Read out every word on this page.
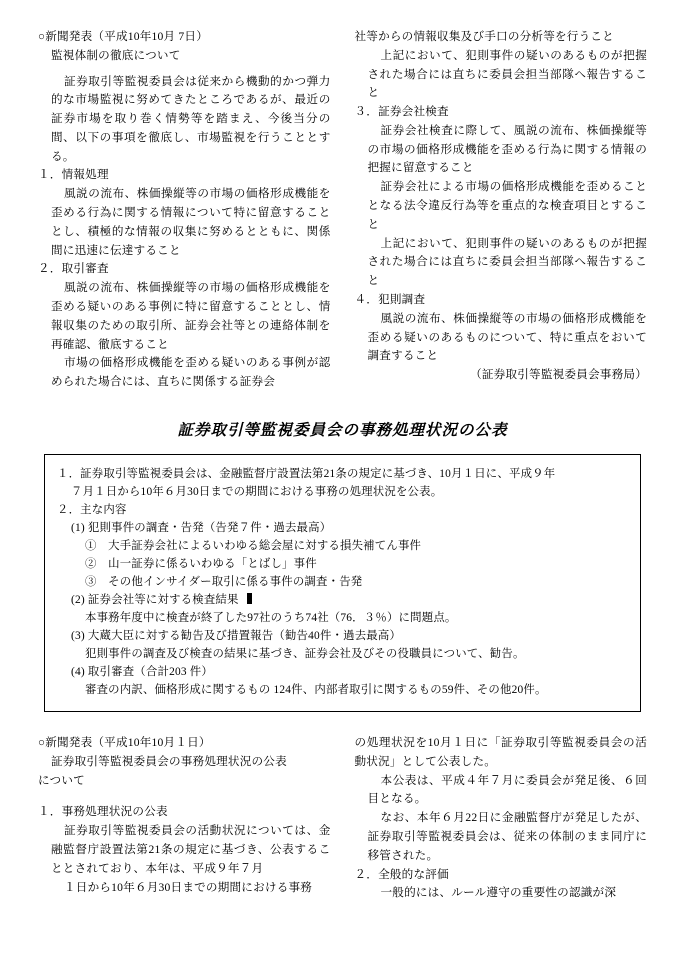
○新聞発表（平成10年10月 7日）

監視体制の徹底について

証券取引等監視委員会は従来から機動的かつ弾力的な市場監視に努めてきたところであるが、最近の証券市場を取り巻く情勢等を踏まえ、今後当分の間、以下の事項を徹底し、市場監視を行うこととする。

１．情報処理

風説の流布、株価操縦等の市場の価格形成機能を歪める行為に関する情報について特に留意することとし、積極的な情報の収集に努めるとともに、関係間に迅速に伝達すること

２．取引審査

風説の流布、株価操縦等の市場の価格形成機能を歪める疑いのある事例に特に留意することとし、情報収集のための取引所、証券会社等との連絡体制を再確認、徹底すること

市場の価格形成機能を歪める疑いのある事例が認められた場合には、直ちに関係する証券会

社等からの情報収集及び手口の分析等を行うこと

上記において、犯則事件の疑いのあるものが把握された場合には直ちに委員会担当部隊へ報告すること

３．証券会社検査

証券会社検査に際して、風説の流布、株価操縦等の市場の価格形成機能を歪める行為に関する情報の把握に留意すること

証券会社による市場の価格形成機能を歪めることとなる法令違反行為等を重点的な検査項目とすること

上記において、犯則事件の疑いのあるものが把握された場合には直ちに委員会担当部隊へ報告すること

４．犯則調査

風説の流布、株価操縦等の市場の価格形成機能を歪める疑いのあるものについて、特に重点をおいて調査すること

（証券取引等監視委員会事務局）

証券取引等監視委員会の事務処理状況の公表

１．証券取引等監視委員会は、金融監督庁設置法第21条の規定に基づき、10月１日に、平成９年

７月１日から10年６月30日までの期間における事務の処理状況を公表。

２．主な内容

(1) 犯則事件の調査・告発（告発７件・過去最高）

①　大手証券会社によるいわゆる総会屋に対する損失補てん事件

②　山一証券に係るいわゆる「とばし」事件

③　その他インサイダー取引に係る事件の調査・告発

(2) 証券会社等に対する検査結果

本事務年度中に検査が終了した97社のうち74社（76．３％）に問題点。

(3) 大蔵大臣に対する勧告及び措置報告（勧告40件・過去最高）

犯則事件の調査及び検査の結果に基づき、証券会社及びその役職員について、勧告。

(4) 取引審査（合計203 件）

審査の内訳、価格形成に関するもの 124件、内部者取引に関するもの59件、その他20件。

○新聞発表（平成10年10月１日）

証券取引等監視委員会の事務処理状況の公表

について

１．事務処理状況の公表

証券取引等監視委員会の活動状況については、金融監督庁設置法第21条の規定に基づき、公表することとされており、本年は、平成９年７月

１日から10年６月30日までの期間における事務

の処理状況を10月１日に「証券取引等監視委員会の活動状況」として公表した。

本公表は、平成４年７月に委員会が発足後、６回目となる。

なお、本年６月22日に金融監督庁が発足したが、証券取引等監視委員会は、従来の体制のまま同庁に移管された。

２．全般的な評価

一般的には、ルール遵守の重要性の認識が深
